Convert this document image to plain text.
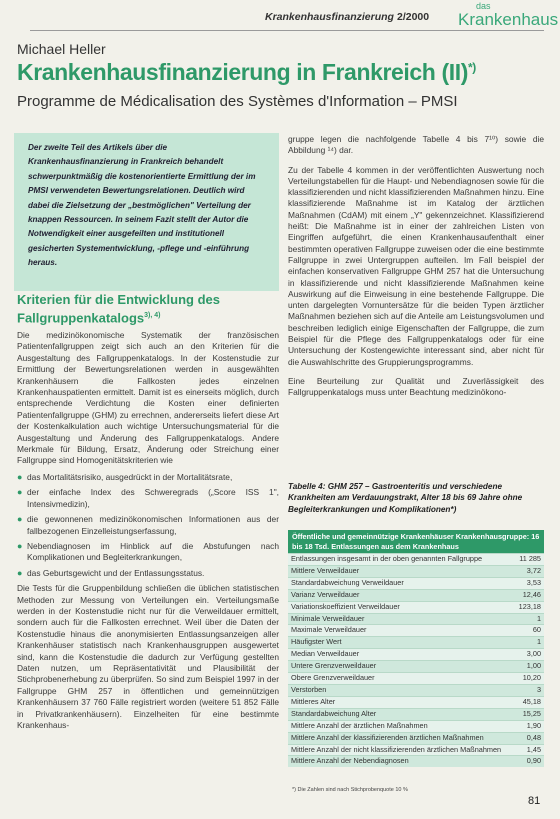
Krankenhausfinanzierung 2/2000
das
Krankenhaus
Michael Heller
Krankenhausfinanzierung in Frankreich (II)*)
Programme de Médicalisation des Systèmes d'Information – PMSI

Der zweite Teil des Artikels über die Krankenhausfinanzierung in Frankreich behandelt schwerpunktmäßig die kostenorientierte Ermittlung der im PMSI verwendeten Bewertungsrelationen. Deutlich wird dabei die Zielsetzung der „bestmöglichen" Verteilung der knappen Ressourcen. In seinem Fazit stellt der Autor die Notwendigkeit einer ausgefeilten und institutionell gesicherten Systementwicklung, -pflege und -einführung heraus.

Kriterien für die Entwicklung des Fallgruppenkatalogs$^{3), 4)}$

Die medizinökonomische Systematik der französischen Patientenfallgruppen zeigt sich auch an den Kriterien für die Ausgestaltung des Fallgruppenkatalogs. In der Kostenstudie zur Ermittlung der Bewertungsrelationen werden in ausgewählten Krankenhäusern die Fallkosten jedes einzelnen Krankenhauspatienten ermittelt. Damit ist es einerseits möglich, durch entsprechende Verdichtung die Kosten einer definierten Patientenfallgruppe (GHM) zu errechnen, andererseits liefert diese Art der Kostenkalkulation auch wichtige Untersuchungsmaterial für die Ausgestaltung und Änderung des Fallgruppenkatalogs. Andere Merkmale für Bildung, Ersatz, Änderung oder Streichung einer Fallgruppe sind Homogenitätskriterien wie

● das Mortalitätsrisiko, ausgedrückt in der Mortalitätsrate,
● der einfache Index des Schweregrads („Score ISS 1", Intensivmedizin),
● die gewonnenen medizinökonomischen Informationen aus der fallbezogenen Einzelleistungserfassung,
● Nebendiagnosen im Hinblick auf die Abstufungen nach Komplikationen und Begleiterkrankungen,
● das Geburtsgewicht und der Entlassungsstatus.

Die Tests für die Gruppenbildung schließen die üblichen statistischen Methoden zur Messung von Verteilungen ein. Verteilungsmaße werden in der Kostenstudie nicht nur für die Verweildauer ermittelt, sondern auch für die Fallkosten errechnet. Weil über die Daten der Kostenstudie hinaus die anonymisierten Entlassungsanzeigen aller Krankenhäuser statistisch nach Krankenhausgruppen ausgewertet sind, kann die Kostenstudie die dadurch zur Verfügung gestellten Daten nutzen, um Repräsentativität und Plausibilität der Stichprobenerhebung zu überprüfen. So sind zum Beispiel 1997 in der Fallgruppe GHM 257 in öffentlichen und gemeinnützigen Krankenhäusern 37 760 Fälle registriert worden (weitere 51 852 Fälle in Privatkrankenhäusern). Einzelheiten für eine bestimmte Krankenhaus-

gruppe legen die nachfolgende Tabelle 4 bis 7¹⁰) sowie die Abbildung ¹⁴) dar.

Zu der Tabelle 4 kommen in der veröffentlichten Auswertung noch Verteilungstabellen für die Haupt- und Nebendiagnosen sowie für die klassifizierenden und nicht klassifizierenden Maßnahmen hinzu. Eine klassifizierende Maßnahme ist im Katalog der ärztlichen Maßnahmen (CdAM) mit einem „Y" gekennzeichnet. Klassifizierend heißt: Die Maßnahme ist in einer der zahlreichen Listen von Eingriffen aufgeführt, die einen Krankenhausaufenthalt einer bestimmten operativen Fallgruppe zuweisen oder die eine bestimmte Fallgruppe in zwei Untergruppen aufteilen. Im Fall beispiel der einfachen konservativen Fallgruppe GHM 257 hat die Untersuchung in klassifizierende und nicht klassifizierende Maßnahmen keine Auswirkung auf die Einweisung in eine bestehende Fallgruppe. Die unten dargelegten Vornuntersätze für die beiden Typen ärztlicher Maßnahmen beziehen sich auf die Anteile am Leistungsvolumen und beschreiben lediglich einige Eigenschaften der Fallgruppe, die zum Beispiel für die Pflege des Fallgruppenkatalogs oder für eine Untersuchung der Kostengewichte interessant sind, aber nicht für die Auswahlschritte des Gruppierungsprogramms.

Eine Beurteilung zur Qualität und Zuverlässigkeit des Fallgruppenkatalogs muss unter Beachtung medizinökono-

Tabelle 4: GHM 257 – Gastroenteritis und verschiedene Krankheiten am Verdauungstrakt, Alter 18 bis 69 Jahre ohne Begleiterkrankungen und Komplikationen*)
Öffentliche und gemeinnützige Krankenhäuser Krankenhausgruppe: 16 bis 18 Tsd. Entlassungen aus dem Krankenhaus	
Entlassungen insgesamt in der oben genannten Fallgruppe	11 285
Mittlere Verweildauer	3,72
Standardabweichung Verweildauer	3,53
Varianz Verweildauer	12,46
Variationskoeffizient Verweildauer	123,18
Minimale Verweildauer	1
Maximale Verweildauer	60
Häufigster Wert	1
Median Verweildauer	3,00
Untere Grenzverweildauer	1,00
Obere Grenzverweildauer	10,20
Verstorben	3
Mittleres Alter	45,18
Standardabweichung Alter	15,25
Mittlere Anzahl der ärztlichen Maßnahmen	1,90
Mittlere Anzahl der klassifizierenden ärztlichen Maßnahmen	0,48
Mittlere Anzahl der nicht klassifizierenden ärztlichen Maßnahmen	1,45
Mittlere Anzahl der Nebendiagnosen	0,90
*) Die Zahlen sind nach Stichprobenquote 10 %
81
